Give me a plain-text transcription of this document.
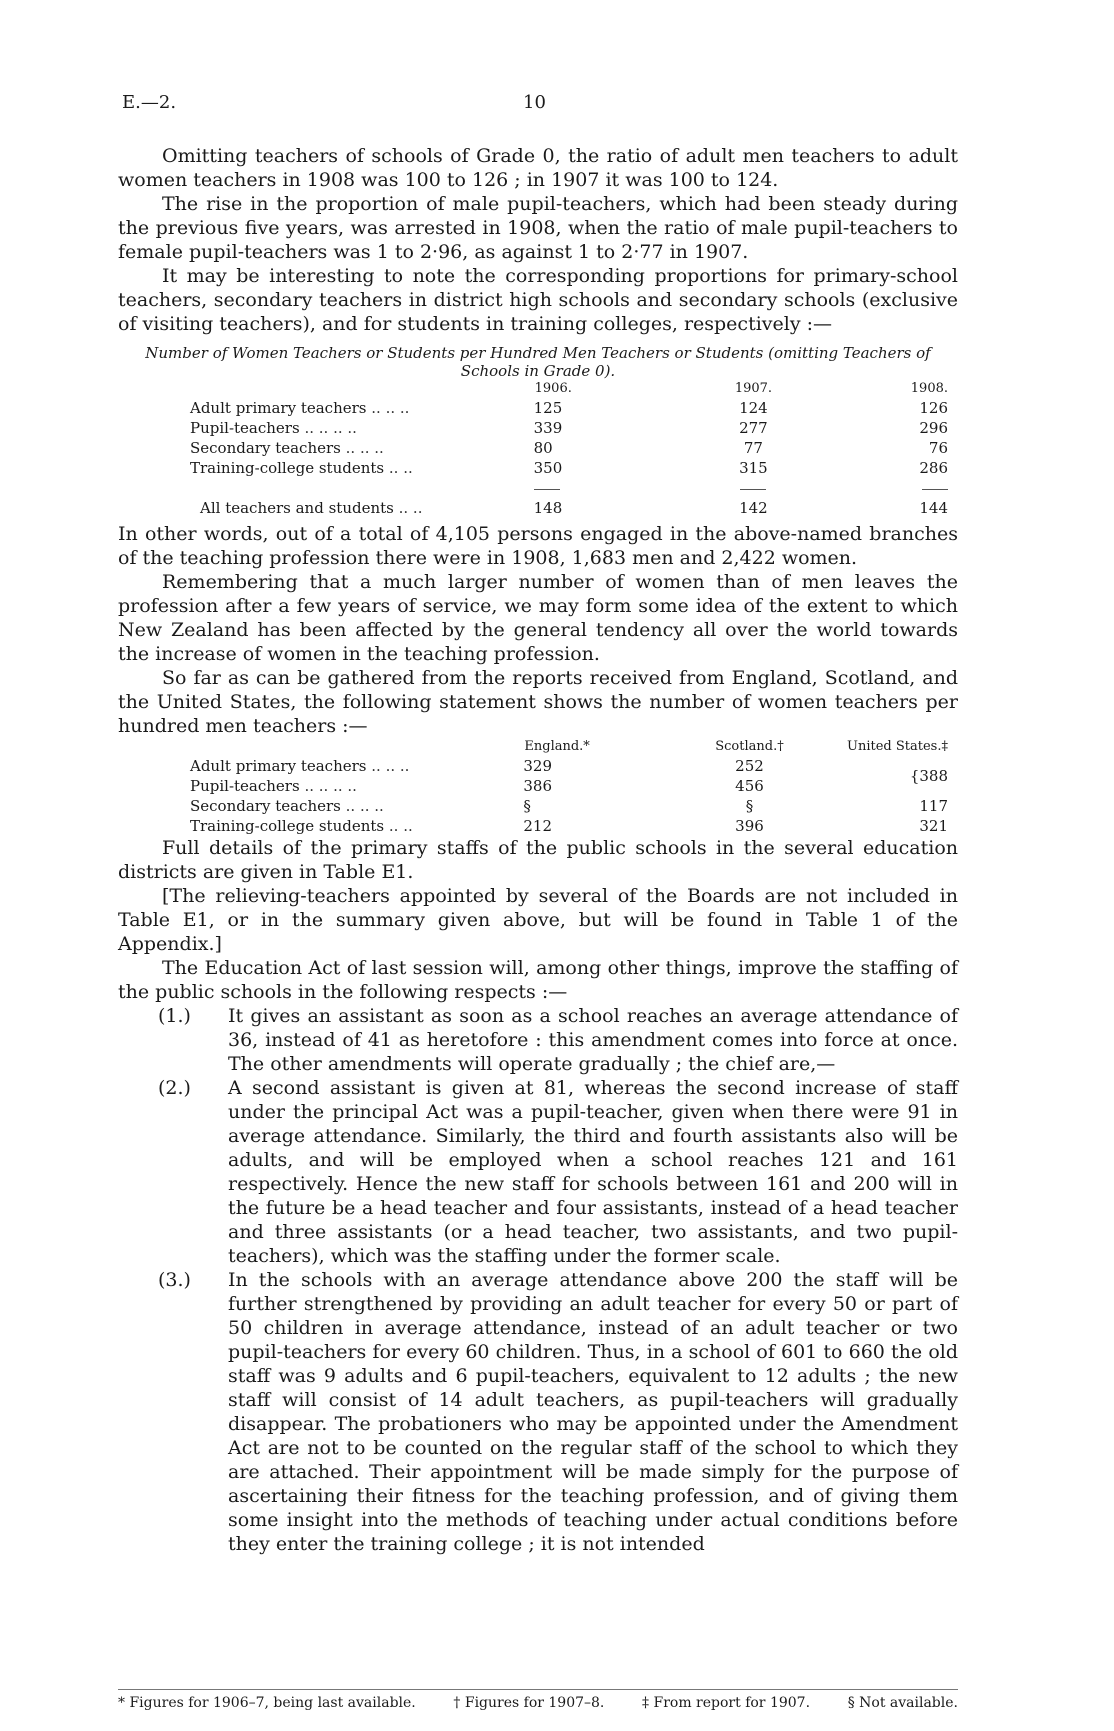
E.—2.	10

Omitting teachers of schools of Grade 0, the ratio of adult men teachers to adult women teachers in 1908 was 100 to 126 ; in 1907 it was 100 to 124.

The rise in the proportion of male pupil-teachers, which had been steady during the previous five years, was arrested in 1908, when the ratio of male pupil-teachers to female pupil-teachers was 1 to 2·96, as against 1 to 2·77 in 1907.

It may be interesting to note the corresponding proportions for primary-school teachers, secondary teachers in district high schools and secondary schools (exclusive of visiting teachers), and for students in training colleges, respectively :—

Number of Women Teachers or Students per Hundred Men Teachers or Students (omitting Teachers of Schools in Grade 0).
	1906.	1907.	1908.
Adult primary teachers .. .. ..	125	124	126
Pupil-teachers .. .. .. ..	339	277	296
Secondary teachers .. .. ..	80	77	76
Training-college students .. ..	350	315	286

All teachers and students .. ..	148	142	144

In other words, out of a total of 4,105 persons engaged in the above-named branches of the teaching profession there were in 1908, 1,683 men and 2,422 women.

Remembering that a much larger number of women than of men leaves the profession after a few years of service, we may form some idea of the extent to which New Zealand has been affected by the general tendency all over the world towards the increase of women in the teaching profession.

So far as can be gathered from the reports received from England, Scotland, and the United States, the following statement shows the number of women teachers per hundred men teachers :—

	England.*	Scotland.†	United States.‡
Adult primary teachers .. .. ..	329	252	{388
Pupil-teachers .. .. .. ..	386	456	
Secondary teachers .. .. ..	§	§	117
Training-college students .. ..	212	396	321

Full details of the primary staffs of the public schools in the several education districts are given in Table E1.

[The relieving-teachers appointed by several of the Boards are not included in Table E1, or in the summary given above, but will be found in Table 1 of the Appendix.]

The Education Act of last session will, among other things, improve the staffing of the public schools in the following respects :—

(1.) It gives an assistant as soon as a school reaches an average attendance of 36, instead of 41 as heretofore : this amendment comes into force at once. The other amendments will operate gradually ; the chief are,—
(2.) A second assistant is given at 81, whereas the second increase of staff under the principal Act was a pupil-teacher, given when there were 91 in average attendance. Similarly, the third and fourth assistants also will be adults, and will be employed when a school reaches 121 and 161 respectively. Hence the new staff for schools between 161 and 200 will in the future be a head teacher and four assistants, instead of a head teacher and three assistants (or a head teacher, two assistants, and two pupil-teachers), which was the staffing under the former scale.
(3.) In the schools with an average attendance above 200 the staff will be further strengthened by providing an adult teacher for every 50 or part of 50 children in average attendance, instead of an adult teacher or two pupil-teachers for every 60 children. Thus, in a school of 601 to 660 the old staff was 9 adults and 6 pupil-teachers, equivalent to 12 adults ; the new staff will consist of 14 adult teachers, as pupil-teachers will gradually disappear. The probationers who may be appointed under the Amendment Act are not to be counted on the regular staff of the school to which they are attached. Their appointment will be made simply for the purpose of ascertaining their fitness for the teaching profession, and of giving them some insight into the methods of teaching under actual conditions before they enter the training college ; it is not intended
* Figures for 1906–7, being last available.	† Figures for 1907–8.	‡ From report for 1907.	§ Not available.
